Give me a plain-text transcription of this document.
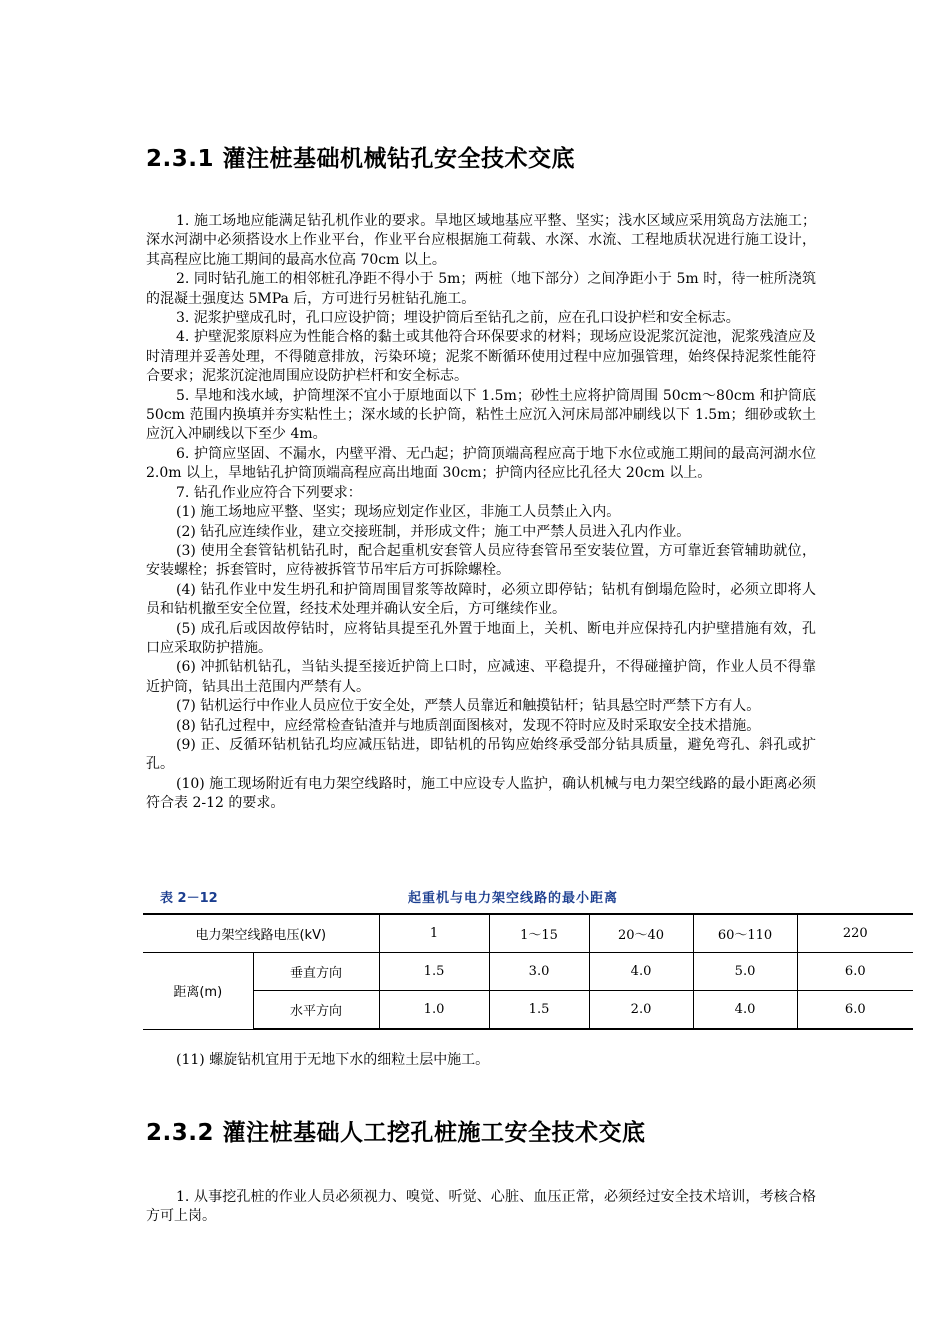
2.3.1 灌注桩基础机械钻孔安全技术交底

1. 施工场地应能满足钻孔机作业的要求。旱地区域地基应平整、坚实；浅水区域应采用筑岛方法施工；深水河湖中必须搭设水上作业平台，作业平台应根据施工荷载、水深、水流、工程地质状况进行施工设计，其高程应比施工期间的最高水位高 70cm 以上。

2. 同时钻孔施工的相邻桩孔净距不得小于 5m；两桩（地下部分）之间净距小于 5m 时，待一桩所浇筑的混凝土强度达 5MPa 后，方可进行另桩钻孔施工。

3. 泥浆护壁成孔时，孔口应设护筒；埋设护筒后至钻孔之前，应在孔口设护栏和安全标志。

4. 护壁泥浆原料应为性能合格的黏土或其他符合环保要求的材料；现场应设泥浆沉淀池，泥浆残渣应及时清理并妥善处理，不得随意排放，污染环境；泥浆不断循环使用过程中应加强管理，始终保持泥浆性能符合要求；泥浆沉淀池周围应设防护栏杆和安全标志。

5. 旱地和浅水域，护筒埋深不宜小于原地面以下 1.5m；砂性土应将护筒周围 50cm～80cm 和护筒底 50cm 范围内换填并夯实粘性土；深水域的长护筒，粘性土应沉入河床局部冲刷线以下 1.5m；细砂或软土应沉入冲刷线以下至少 4m。

6. 护筒应坚固、不漏水，内壁平滑、无凸起；护筒顶端高程应高于地下水位或施工期间的最高河湖水位 2.0m 以上，旱地钻孔护筒顶端高程应高出地面 30cm；护筒内径应比孔径大 20cm 以上。

7. 钻孔作业应符合下列要求：

(1) 施工场地应平整、坚实；现场应划定作业区，非施工人员禁止入内。

(2) 钻孔应连续作业，建立交接班制，并形成文件；施工中严禁人员进入孔内作业。

(3) 使用全套管钻机钻孔时，配合起重机安套管人员应待套管吊至安装位置，方可靠近套管辅助就位，安装螺栓；拆套管时，应待被拆管节吊牢后方可拆除螺栓。

(4) 钻孔作业中发生坍孔和护筒周围冒浆等故障时，必须立即停钻；钻机有倒塌危险时，必须立即将人员和钻机撤至安全位置，经技术处理并确认安全后，方可继续作业。

(5) 成孔后或因故停钻时，应将钻具提至孔外置于地面上，关机、断电并应保持孔内护壁措施有效，孔口应采取防护措施。

(6) 冲抓钻机钻孔，当钻头提至接近护筒上口时，应减速、平稳提升，不得碰撞护筒，作业人员不得靠近护筒，钻具出土范围内严禁有人。

(7) 钻机运行中作业人员应位于安全处，严禁人员靠近和触摸钻杆；钻具悬空时严禁下方有人。

(8) 钻孔过程中，应经常检查钻渣并与地质剖面图核对，发现不符时应及时采取安全技术措施。

(9) 正、反循环钻机钻孔均应减压钻进，即钻机的吊钩应始终承受部分钻具质量，避免弯孔、斜孔或扩孔。

(10) 施工现场附近有电力架空线路时，施工中应设专人监护，确认机械与电力架空线路的最小距离必须符合表 2-12 的要求。

表 2－12	起重机与电力架空线路的最小距离
电力架空线路电压(kV)		1	1～15	20～40	60～110	220
距离(m)	垂直方向	1.5	3.0	4.0	5.0	6.0
	水平方向	1.0	1.5	2.0	4.0	6.0

(11) 螺旋钻机宜用于无地下水的细粒土层中施工。

2.3.2 灌注桩基础人工挖孔桩施工安全技术交底

1. 从事挖孔桩的作业人员必须视力、嗅觉、听觉、心脏、血压正常，必须经过安全技术培训，考核合格方可上岗。
